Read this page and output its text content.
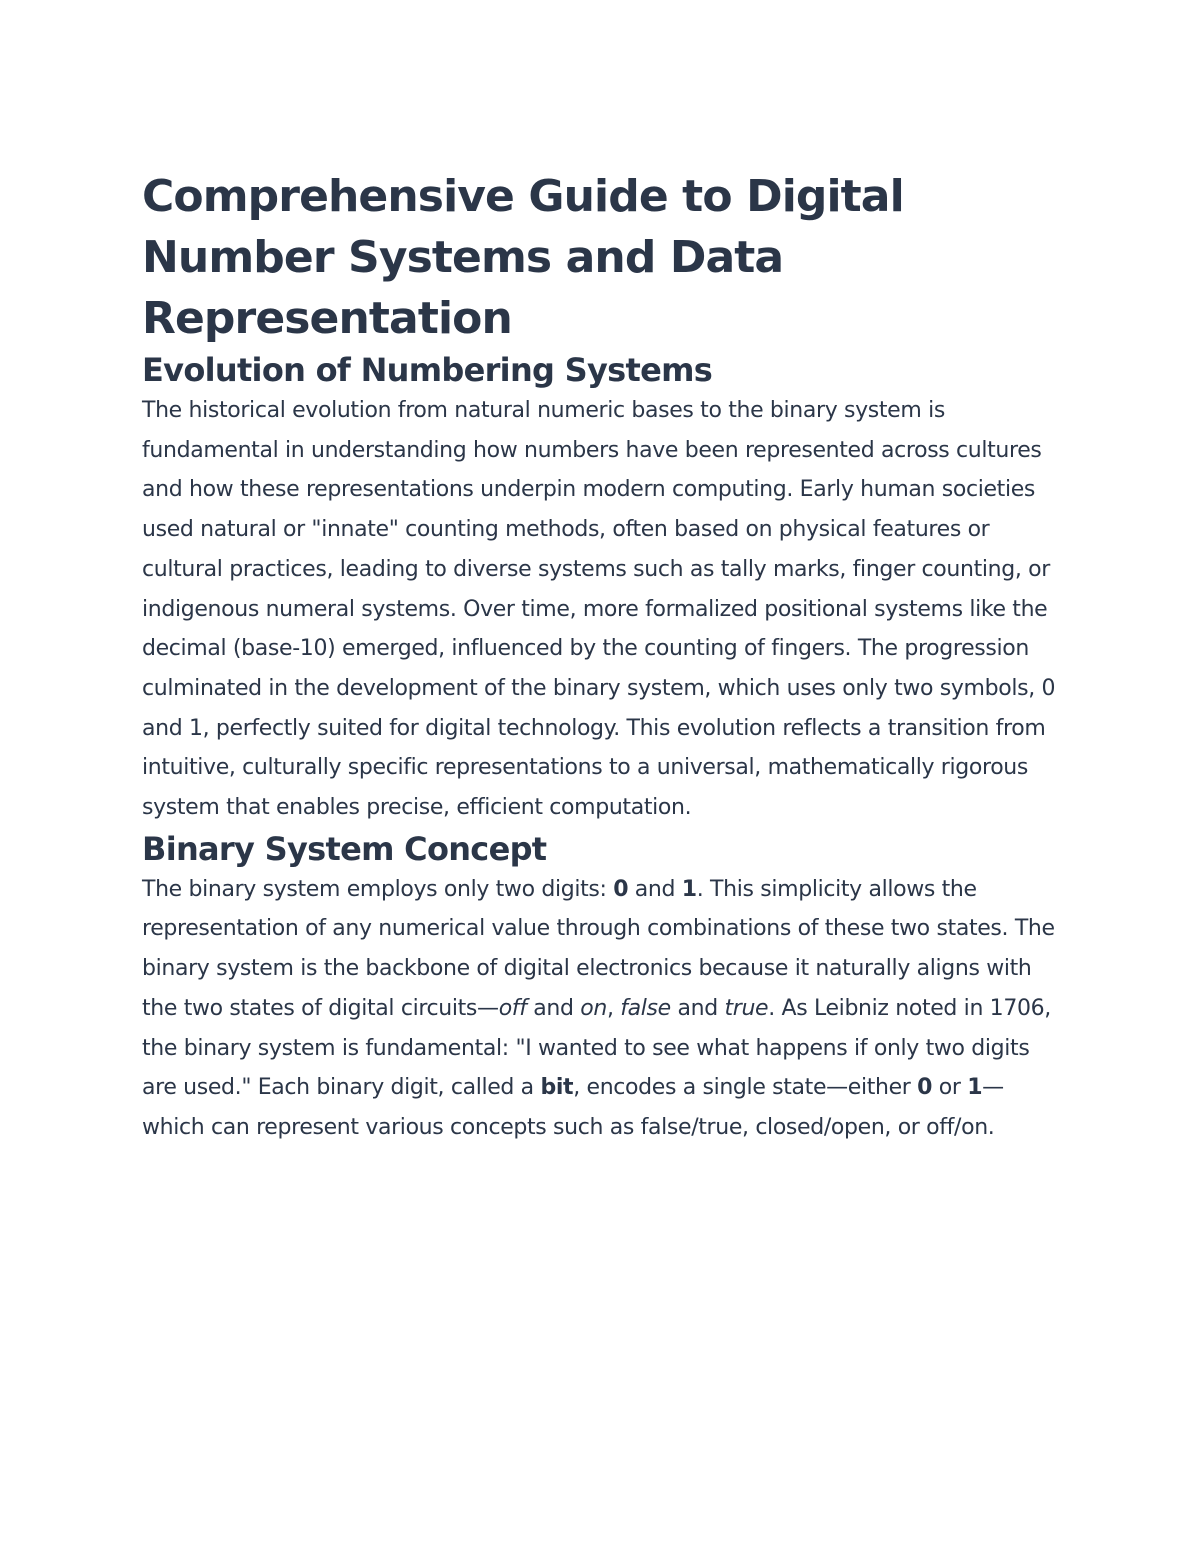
Comprehensive Guide to Digital Number Systems and Data Representation
Evolution of Numbering Systems

The historical evolution from natural numeric bases to the binary system is fundamental in understanding how numbers have been represented across cultures and how these representations underpin modern computing. Early human societies used natural or "innate" counting methods, often based on physical features or cultural practices, leading to diverse systems such as tally marks, finger counting, or indigenous numeral systems. Over time, more formalized positional systems like the decimal (base-10) emerged, influenced by the counting of fingers. The progression culminated in the development of the binary system, which uses only two symbols, 0 and 1, perfectly suited for digital technology. This evolution reflects a transition from intuitive, culturally specific representations to a universal, mathematically rigorous system that enables precise, efficient computation.

Binary System Concept

The binary system employs only two digits: 0 and 1. This simplicity allows the representation of any numerical value through combinations of these two states. The binary system is the backbone of digital electronics because it naturally aligns with the two states of digital circuits—off and on, false and true. As Leibniz noted in 1706, the binary system is fundamental: "I wanted to see what happens if only two digits are used." Each binary digit, called a bit, encodes a single state—either 0 or 1—which can represent various concepts such as false/true, closed/open, or off/on.
